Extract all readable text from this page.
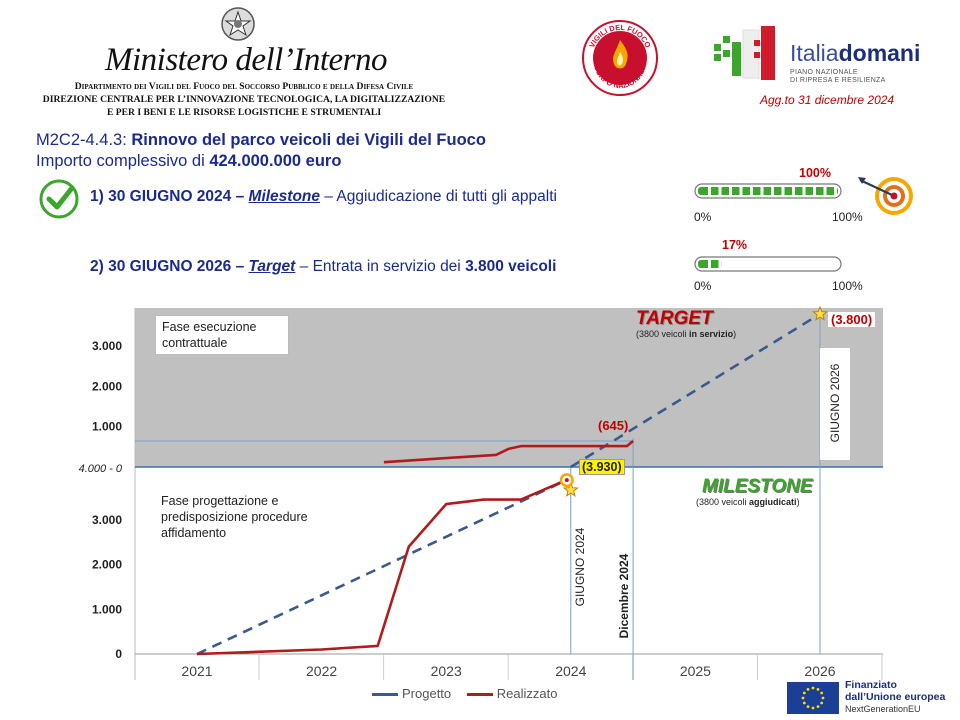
Ministero dell’Interno
Dipartimento dei Vigili del Fuoco del Soccorso Pubblico e della Difesa Civile
DIREZIONE CENTRALE PER L’INNOVAZIONE TECNOLOGICA, LA DIGITALIZZAZIONE
E PER I BENI E LE RISORSE LOGISTICHE E STRUMENTALI
VIGILI DEL FUOCO
CORPO NAZIONALE
Italiadomani
PIANO NAZIONALE
DI RIPRESA E RESILIENZA
Agg.to 31 dicembre 2024
M2C2-4.4.3: Rinnovo del parco veicoli dei Vigili del Fuoco
Importo complessivo di 424.000.000 euro
1) 30 GIUGNO 2024 – Milestone – Aggiudicazione di tutti gli appalti
2) 30 GIUGNO 2026 – Target – Entrata in servizio dei 3.800 veicoli
100%
0%	100%
17%
0%	100%
1.000
2.000
3.000
4.000 - 0
0
1.000
2.000
3.000
2021	2022	2023	2024	2025	2026
Fase esecuzione
contrattuale
Fase progettazione e
predisposizione procedure
affidamento
TARGET
(3800 veicoli in servizio)
(3.800)
(645)
MILESTONE
(3800 veicoli aggiudicati)
(3.930)
GIUGNO 2024	Dicembre 2024
GIUGNO 2026
Progetto	Realizzato
Finanziato
dall’Unione europea
NextGenerationEU
